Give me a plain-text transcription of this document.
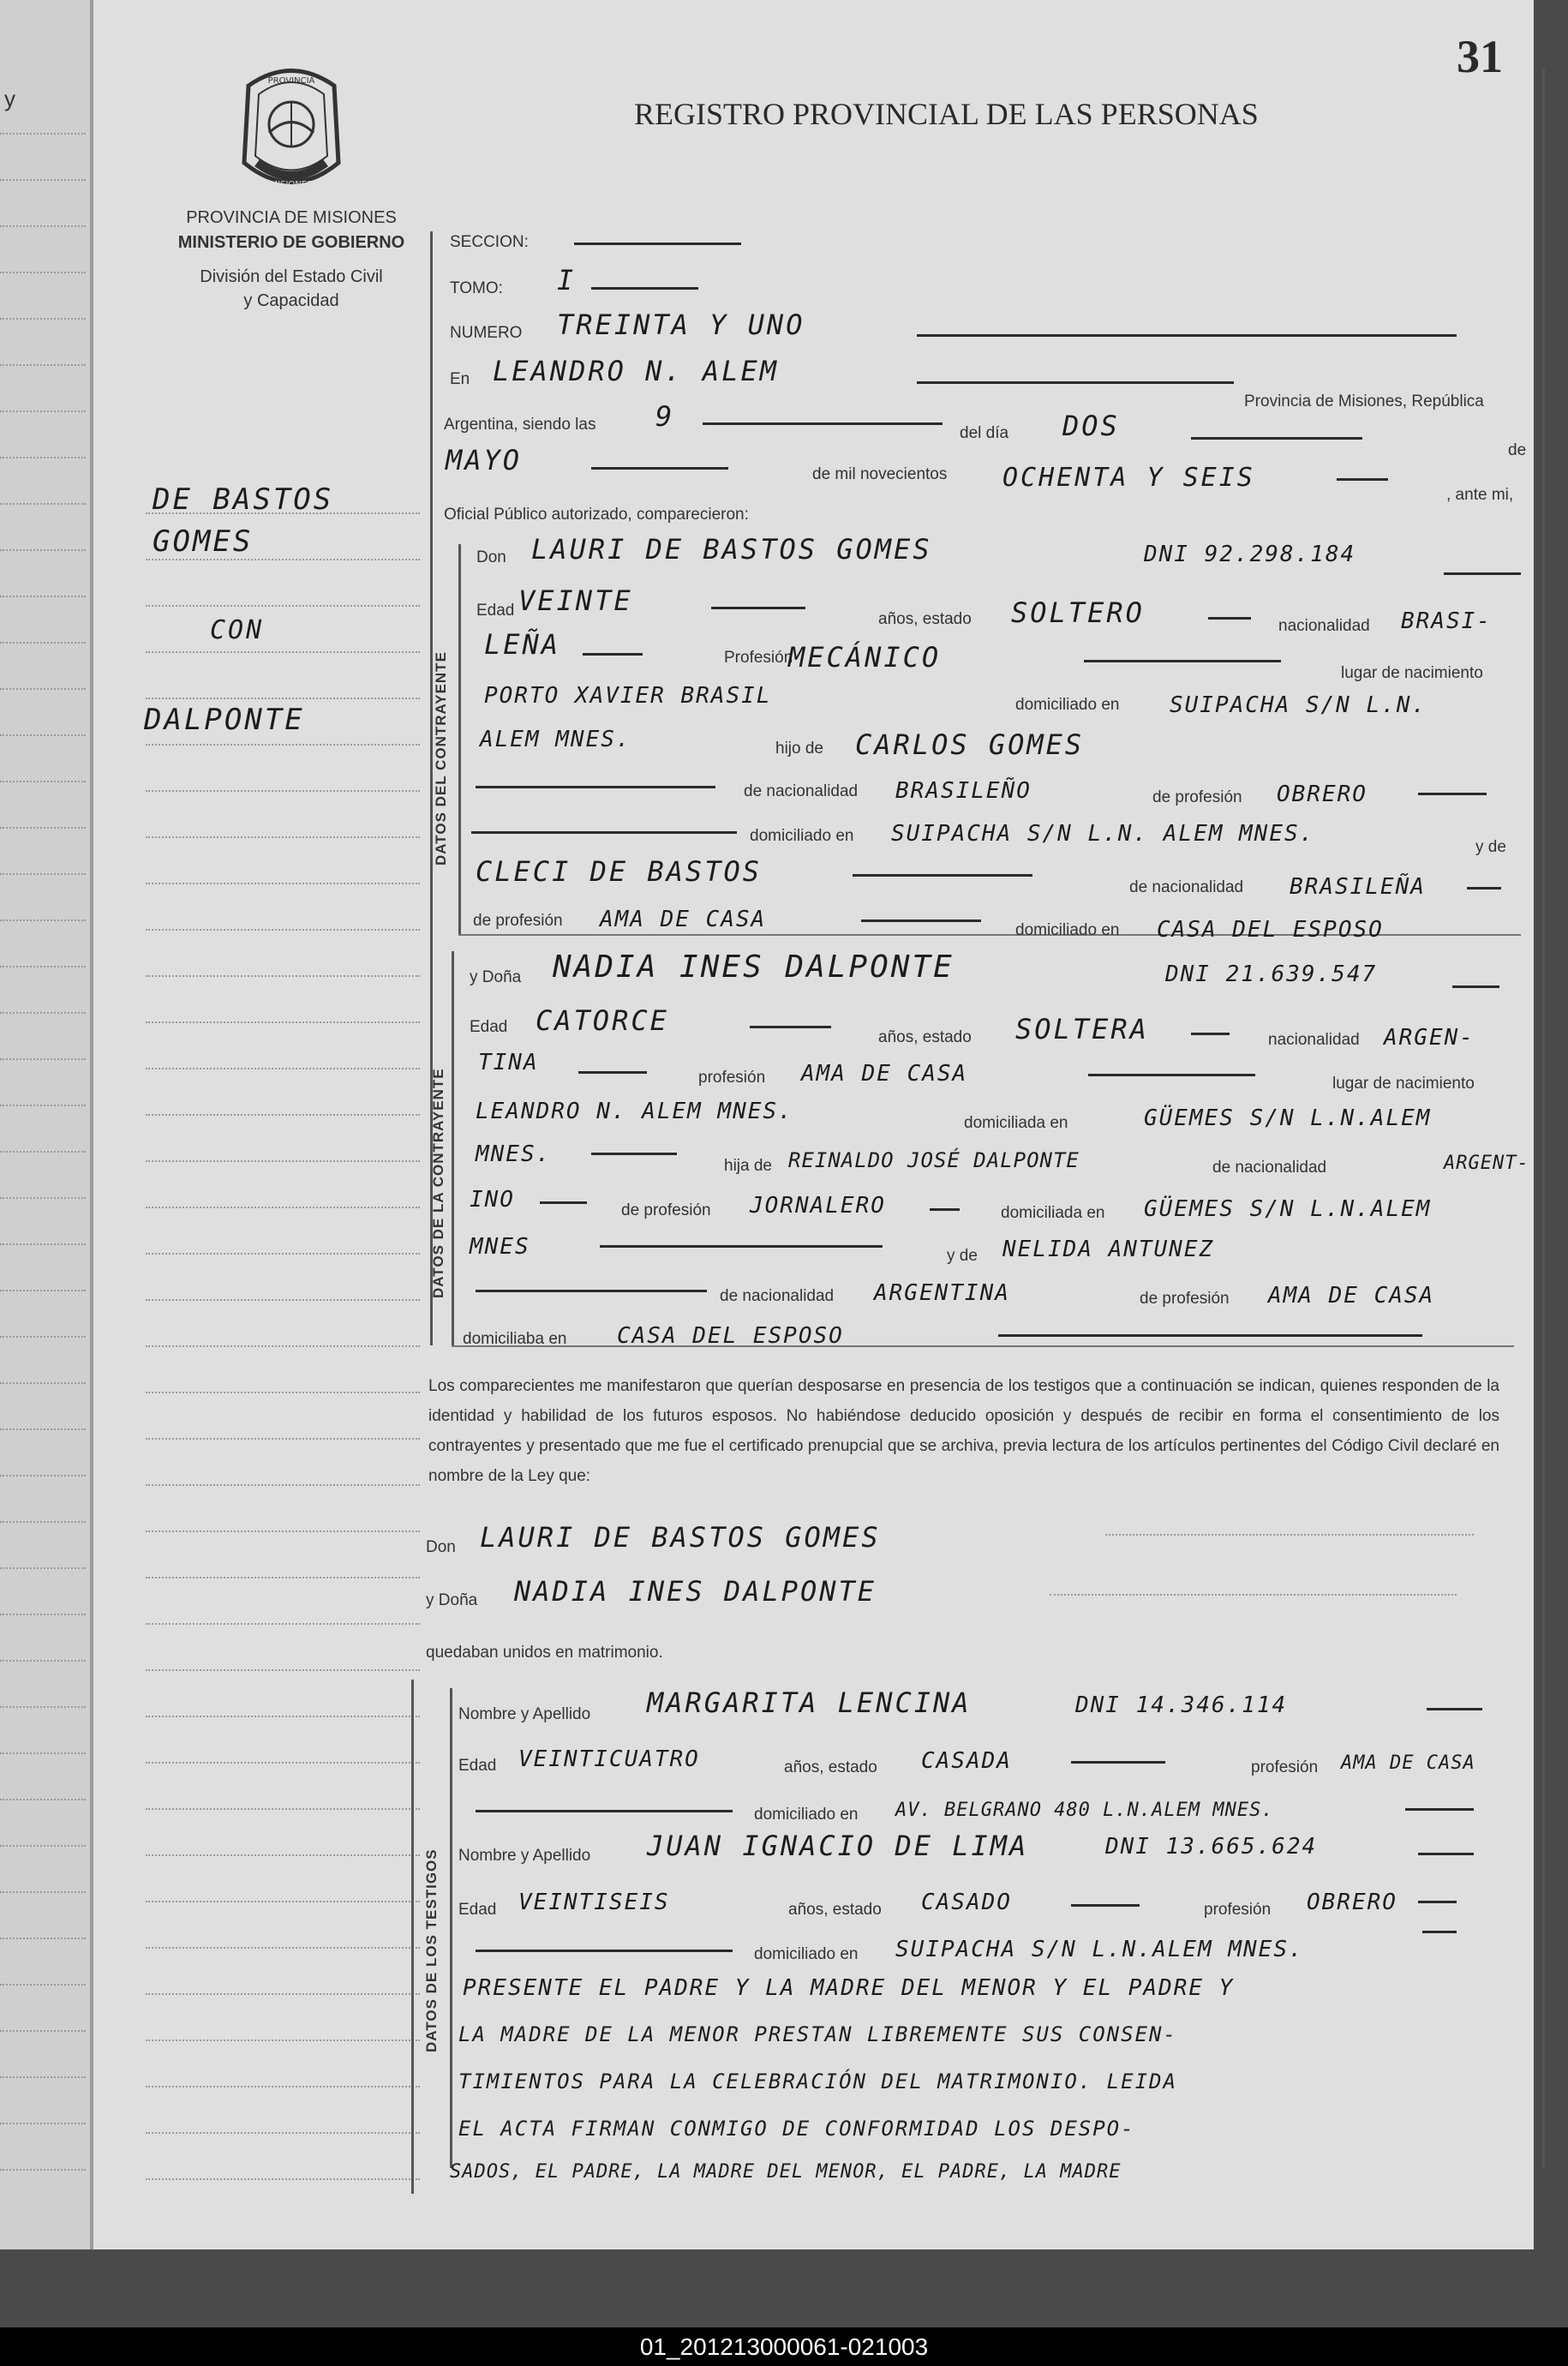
y
31
REGISTRO PROVINCIAL DE LAS PERSONAS
PROVINCIA
MISIONES
PROVINCIA DE MISIONES
MINISTERIO DE GOBIERNO
División del Estado Civil
y Capacidad
DE BASTOS
GOMES
CON
DALPONTE	DATOS DEL CONTRAYENTE
DATOS DE LA CONTRAYENTE
DATOS DE LOS TESTIGOS
SECCION:
TOMO: I
NUMERO TREINTA Y UNO
En LEANDRO N. ALEM
Provincia de Misiones, República
Argentina, siendo las 9
del día DOS
de
MAYO	de mil novecientos OCHENTA Y SEIS
, ante mi,
Oficial Público autorizado, comparecieron:
Don LAURI DE BASTOS GOMES	DNI 92.298.184
Edad VEINTE
años, estado SOLTERO	nacionalidad BRASI-
LEÑA	Profesión
MECÁNICO	lugar de nacimiento
PORTO XAVIER BRASIL	domiciliado en SUIPACHA S/N L.N.
ALEM MNES.	hijo de CARLOS GOMES
de nacionalidad BRASILEÑO	de profesión OBRERO
domiciliado en SUIPACHA S/N L.N. ALEM MNES.
y de
CLECI DE BASTOS	de nacionalidad BRASILEÑA
de profesión AMA DE CASA	domiciliado en CASA DEL ESPOSO
y Doña NADIA INES DALPONTE	DNI 21.639.547
Edad CATORCE
años, estado SOLTERA	nacionalidad ARGEN-
TINA
profesión AMA DE CASA	lugar de nacimiento
LEANDRO N. ALEM MNES.	domiciliada en	GÜEMES S/N L.N.ALEM
MNES.	hija de REINALDO JOSÉ DALPONTE	de nacionalidad	ARGENT-
INO	de profesión JORNALERO	domiciliada en GÜEMES S/N L.N.ALEM
MNES	y de NELIDA ANTUNEZ
de nacionalidad ARGENTINA	de profesión AMA DE CASA
domiciliaba en CASA DEL ESPOSO
Los comparecientes me manifestaron que querían desposarse en presencia de los testigos que a continuación se indican, quienes responden de la identidad y habilidad de los futuros esposos. No habiéndose deducido oposición y después de recibir en forma el consentimiento de los contrayentes y presentado que me fue el certificado prenupcial que se archiva, previa lectura de los artículos pertinentes del Código Civil declaré en nombre de la Ley que:
Don LAURI DE BASTOS GOMES
y Doña NADIA INES DALPONTE
quedaban unidos en matrimonio.
Nombre y Apellido MARGARITA LENCINA	DNI 14.346.114
Edad VEINTICUATRO	años, estado CASADA	profesión AMA DE CASA
domiciliado en AV. BELGRANO 480 L.N.ALEM MNES.
Nombre y Apellido JUAN IGNACIO DE LIMA	DNI 13.665.624
Edad VEINTISEIS	años, estado CASADO	profesión OBRERO
domiciliado en SUIPACHA S/N L.N.ALEM MNES.
PRESENTE EL PADRE Y LA MADRE DEL MENOR Y EL PADRE Y
LA MADRE DE LA MENOR PRESTAN LIBREMENTE SUS CONSEN-
TIMIENTOS PARA LA CELEBRACIÓN DEL MATRIMONIO. LEIDA
EL ACTA FIRMAN CONMIGO DE CONFORMIDAD LOS DESPO-
SADOS, EL PADRE, LA MADRE DEL MENOR, EL PADRE, LA MADRE
01_201213000061-021003
